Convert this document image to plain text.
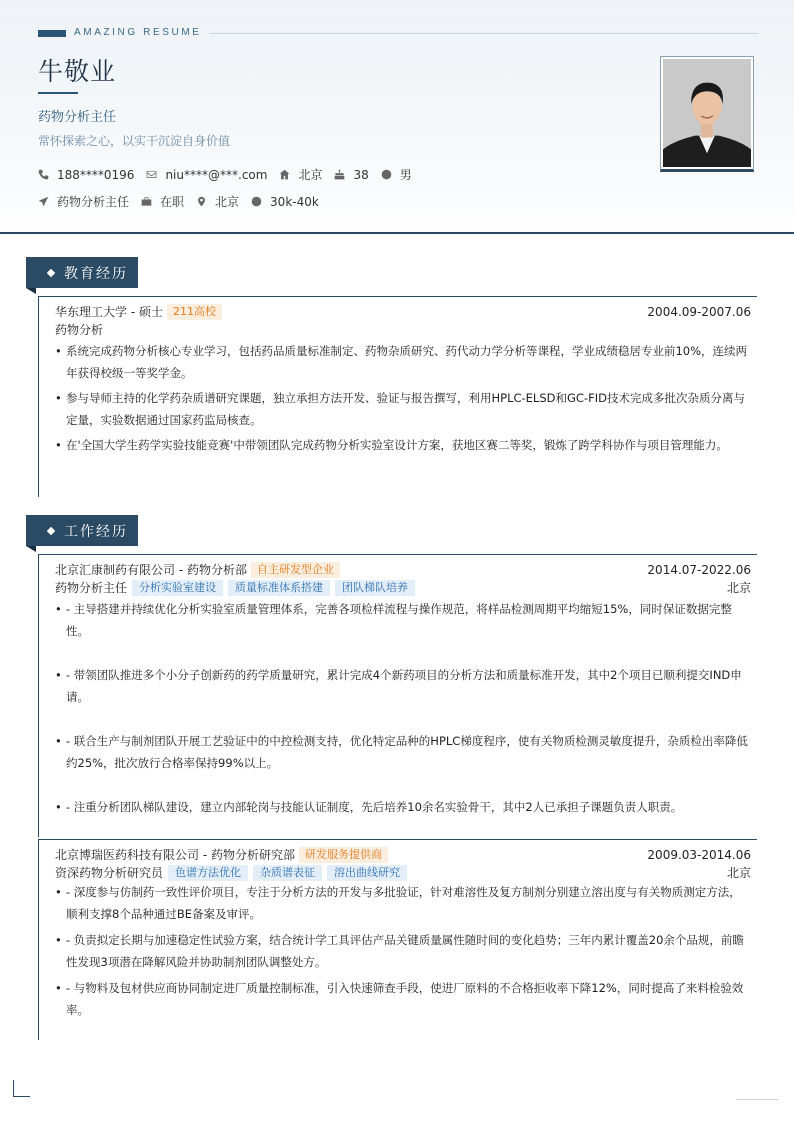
AMAZING RESUME
牛敬业
药物分析主任
常怀探索之心，以实干沉淀自身价值
188****0196	niu****@***.com	北京	38	男
药物分析主任	在职	北京	30k-40k
教育经历
华东理工大学 - 硕士 211高校	2004.09-2007.06
药物分析
• 系统完成药物分析核心专业学习，包括药品质量标准制定、药物杂质研究、药代动力学分析等课程，学业成绩稳居专业前10%，连续两年获得校级一等奖学金。
• 参与导师主持的化学药杂质谱研究课题，独立承担方法开发、验证与报告撰写，利用HPLC-ELSD和GC-FID技术完成多批次杂质分离与定量，实验数据通过国家药监局核查。
• 在'全国大学生药学实验技能竞赛'中带领团队完成药物分析实验室设计方案，获地区赛二等奖，锻炼了跨学科协作与项目管理能力。
工作经历
北京汇康制药有限公司 - 药物分析部 自主研发型企业	2014.07-2022.06
药物分析主任	分析实验室建设	质量标准体系搭建	团队梯队培养	北京
• - 主导搭建并持续优化分析实验室质量管理体系，完善各项检样流程与操作规范，将样品检测周期平均缩短15%，同时保证数据完整性。
• - 带领团队推进多个小分子创新药的药学质量研究，累计完成4个新药项目的分析方法和质量标准开发，其中2个项目已顺利提交IND申请。
• - 联合生产与制剂团队开展工艺验证中的中控检测支持，优化特定品种的HPLC梯度程序，使有关物质检测灵敏度提升，杂质检出率降低约25%，批次放行合格率保持99%以上。
• - 注重分析团队梯队建设，建立内部轮岗与技能认证制度，先后培养10余名实验骨干，其中2人已承担子课题负责人职责。
北京博瑞医药科技有限公司 - 药物分析研究部 研发服务提供商	2009.03-2014.06
资深药物分析研究员	色谱方法优化	杂质谱表征	溶出曲线研究	北京
• - 深度参与仿制药一致性评价项目，专注于分析方法的开发与多批验证，针对难溶性及复方制剂分别建立溶出度与有关物质测定方法，顺利支撑8个品种通过BE备案及审评。
• - 负责拟定长期与加速稳定性试验方案，结合统计学工具评估产品关键质量属性随时间的变化趋势；三年内累计覆盖20余个品规，前瞻性发现3项潜在降解风险并协助制剂团队调整处方。
• - 与物料及包材供应商协同制定进厂质量控制标准，引入快速筛查手段，使进厂原料的不合格拒收率下降12%，同时提高了来料检验效率。
